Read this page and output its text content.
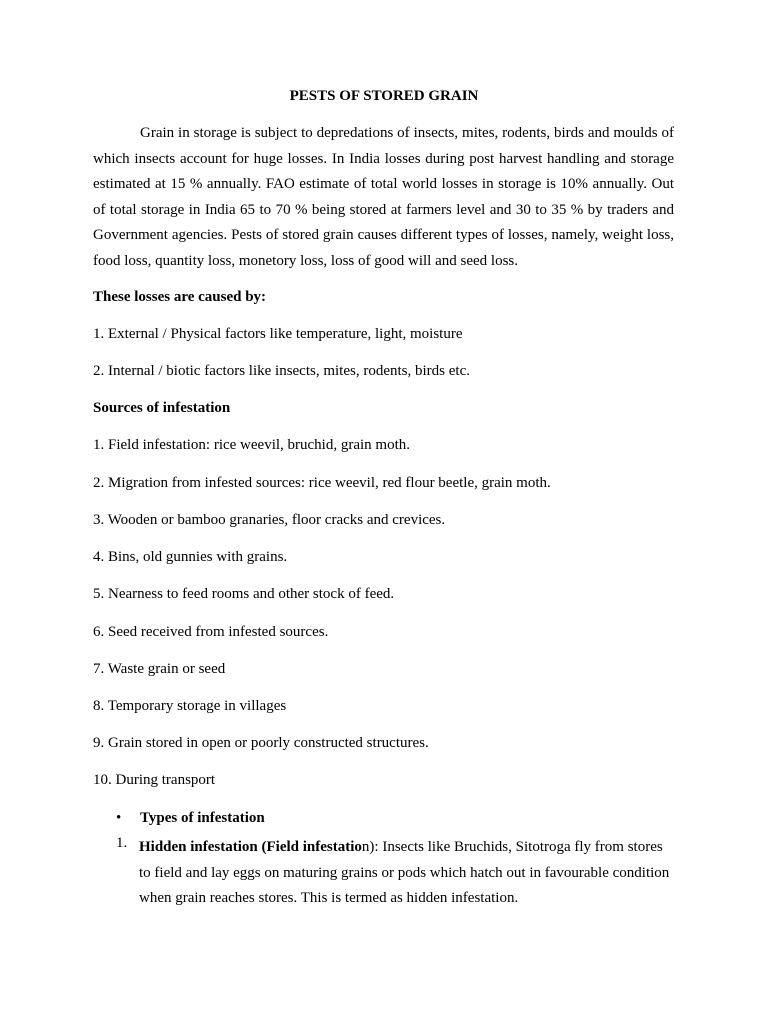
PESTS OF STORED GRAIN

Grain in storage is subject to depredations of insects, mites, rodents, birds and moulds of which insects account for huge losses. In India losses during post harvest handling and storage estimated at 15 % annually. FAO estimate of total world losses in storage is 10% annually. Out of total storage in India 65 to 70 % being stored at farmers level and 30 to 35 % by traders and Government agencies. Pests of stored grain causes different types of losses, namely, weight loss, food loss, quantity loss, monetory loss, loss of good will and seed loss.

These losses are caused by:
1. External / Physical factors like temperature, light, moisture
2. Internal / biotic factors like insects, mites, rodents, birds etc.
Sources of infestation
1. Field infestation: rice weevil, bruchid, grain moth.
2. Migration from infested sources: rice weevil, red flour beetle, grain moth.
3. Wooden or bamboo granaries, floor cracks and crevices.
4. Bins, old gunnies with grains.
5. Nearness to feed rooms and other stock of feed.
6. Seed received from infested sources.
7. Waste grain or seed
8. Temporary storage in villages
9. Grain stored in open or poorly constructed structures.
10. During transport
• Types of infestation
1. Hidden infestation (Field infestation): Insects like Bruchids, Sitotroga fly from stores to field and lay eggs on maturing grains or pods which hatch out in favourable condition when grain reaches stores. This is termed as hidden infestation.
